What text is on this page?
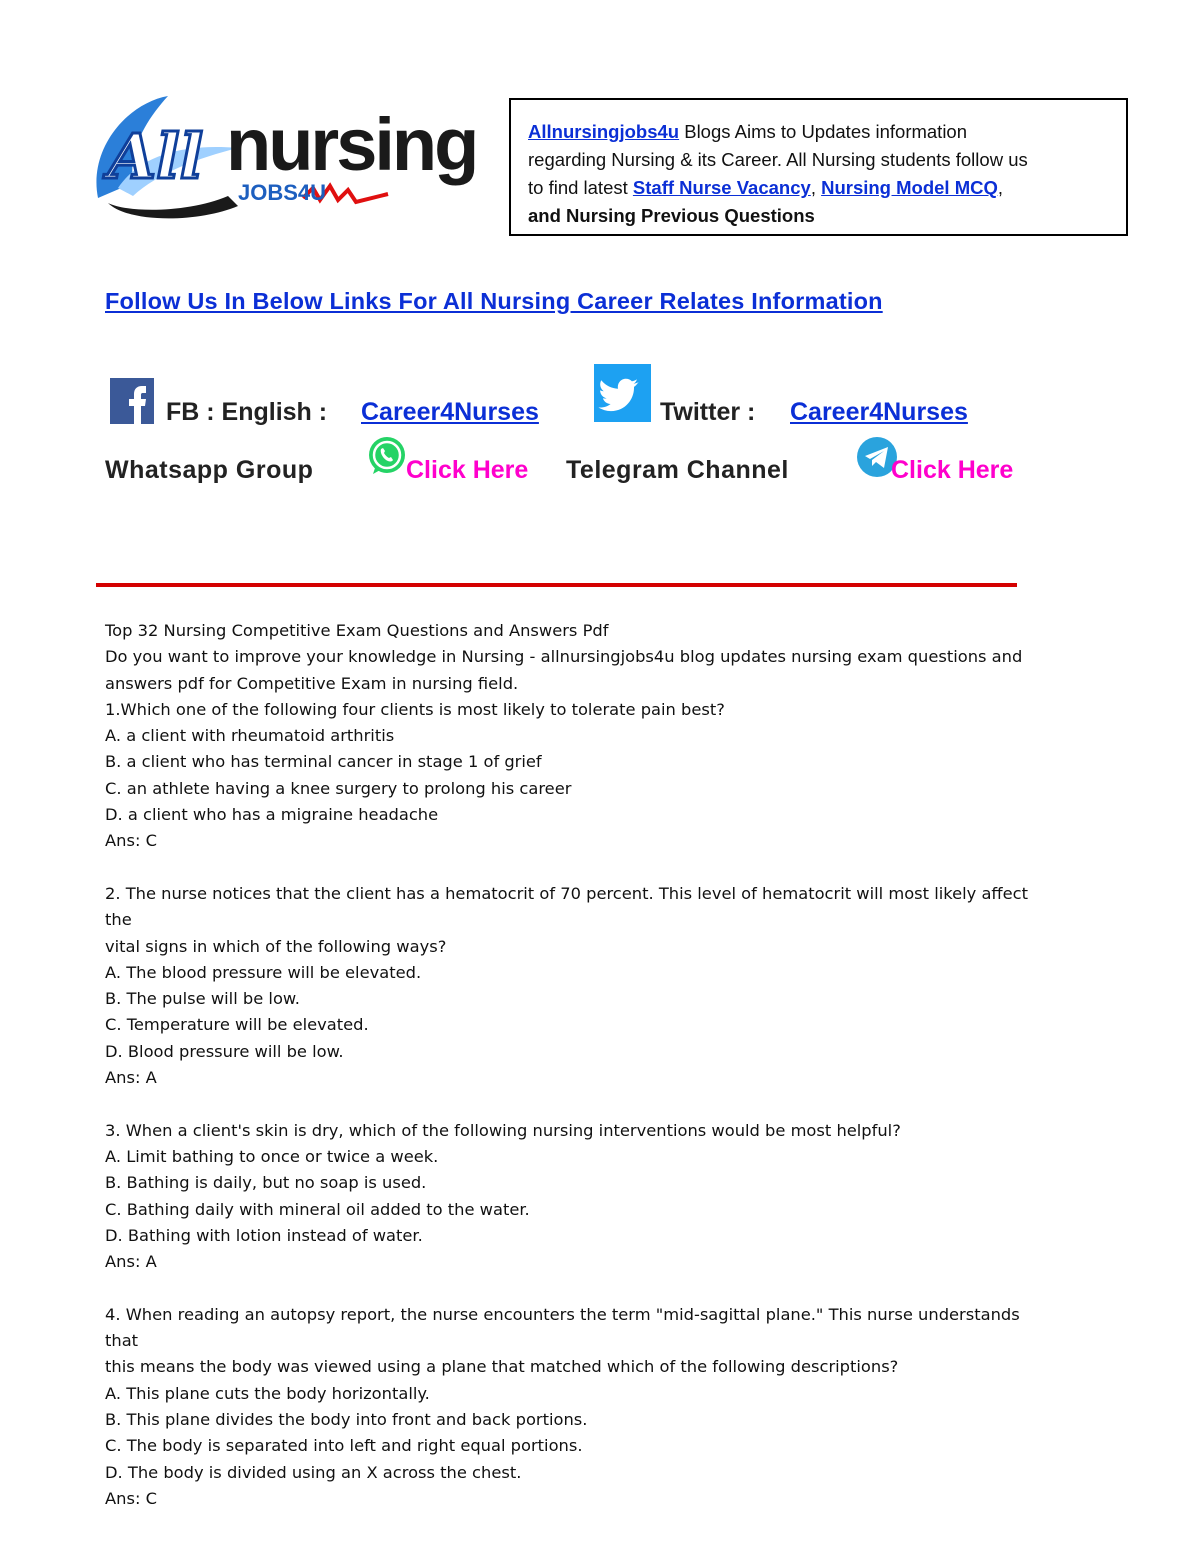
All nursing
JOBS4U
Allnursingjobs4u Blogs Aims to Updates information
regarding Nursing & its Career. All Nursing students follow us
to find latest Staff Nurse Vacancy, Nursing Model MCQ,
and Nursing Previous Questions
Follow Us In Below Links For All Nursing Career Relates Information
FB : English : Career4Nurses	Twitter : Career4Nurses
Whatsapp Group	Click Here Telegram Channel	Click Here
Top 32 Nursing Competitive Exam Questions and Answers Pdf
Do you want to improve your knowledge in Nursing - allnursingjobs4u blog updates nursing exam questions and
answers pdf for Competitive Exam in nursing field.
1.Which one of the following four clients is most likely to tolerate pain best?
A. a client with rheumatoid arthritis
B. a client who has terminal cancer in stage 1 of grief
C. an athlete having a knee surgery to prolong his career
D. a client who has a migraine headache
Ans: C
2. The nurse notices that the client has a hematocrit of 70 percent. This level of hematocrit will most likely affect
the
vital signs in which of the following ways?
A. The blood pressure will be elevated.
B. The pulse will be low.
C. Temperature will be elevated.
D. Blood pressure will be low.
Ans: A
3. When a client's skin is dry, which of the following nursing interventions would be most helpful?
A. Limit bathing to once or twice a week.
B. Bathing is daily, but no soap is used.
C. Bathing daily with mineral oil added to the water.
D. Bathing with lotion instead of water.
Ans: A
4. When reading an autopsy report, the nurse encounters the term "mid-sagittal plane." This nurse understands
that
this means the body was viewed using a plane that matched which of the following descriptions?
A. This plane cuts the body horizontally.
B. This plane divides the body into front and back portions.
C. The body is separated into left and right equal portions.
D. The body is divided using an X across the chest.
Ans: C
